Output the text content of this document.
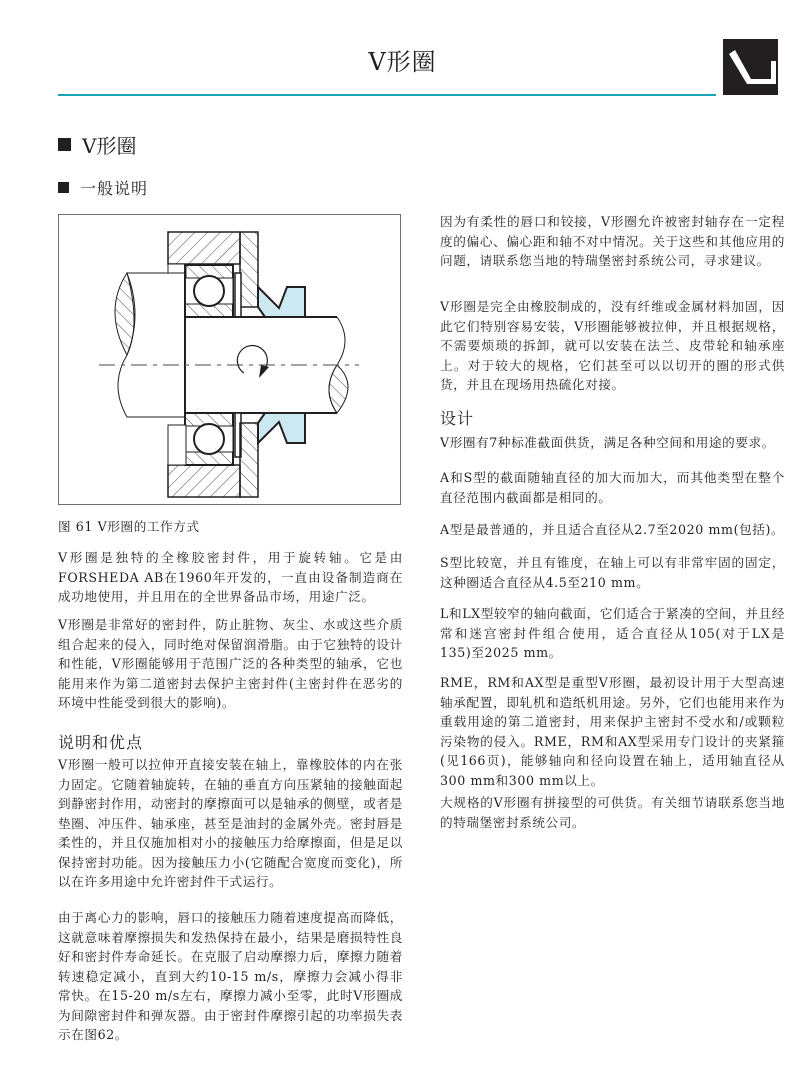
V形圈
V形圈
一般说明
图 61 V形圈的工作方式

V形圈是独特的全橡胶密封件，用于旋转轴。它是由FORSHEDA AB在1960年开发的，一直由设备制造商在成功地使用，并且用在的全世界备品市场，用途广泛。

V形圈是非常好的密封件，防止脏物、灰尘、水或这些介质组合起来的侵入，同时绝对保留润滑脂。由于它独特的设计和性能，V形圈能够用于范围广泛的各种类型的轴承，它也能用来作为第二道密封去保护主密封件(主密封件在恶劣的环境中性能受到很大的影响)。

说明和优点

V形圈一般可以拉伸开直接安装在轴上，靠橡胶体的内在张力固定。它随着轴旋转，在轴的垂直方向压紧轴的接触面起到静密封作用，动密封的摩擦面可以是轴承的侧壁，或者是垫圈、冲压件、轴承座，甚至是油封的金属外壳。密封唇是柔性的，并且仅施加相对小的接触压力给摩擦面，但是足以保持密封功能。因为接触压力小(它随配合宽度而变化)，所以在许多用途中允许密封件干式运行。

由于离心力的影响，唇口的接触压力随着速度提高而降低，这就意味着摩擦损失和发热保持在最小，结果是磨损特性良好和密封件寿命延长。在克服了启动摩擦力后，摩擦力随着转速稳定减小，直到大约10-15 m/s，摩擦力会减小得非常快。在15-20 m/s左右，摩擦力减小至零，此时V形圈成为间隙密封件和弹灰器。由于密封件摩擦引起的功率损失表示在图62。

因为有柔性的唇口和铰接，V形圈允许被密封轴存在一定程度的偏心、偏心距和轴不对中情况。关于这些和其他应用的问题，请联系您当地的特瑞堡密封系统公司，寻求建议。

V形圈是完全由橡胶制成的，没有纤维或金属材料加固，因此它们特别容易安装，V形圈能够被拉伸，并且根据规格，不需要烦琐的拆卸，就可以安装在法兰、皮带轮和轴承座上。对于较大的规格，它们甚至可以以切开的圈的形式供货，并且在现场用热硫化对接。

设计

V形圈有7种标准截面供货，满足各种空间和用途的要求。

A和S型的截面随轴直径的加大而加大，而其他类型在整个直径范围内截面都是相同的。

A型是最普通的，并且适合直径从2.7至2020 mm(包括)。

S型比较宽，并且有锥度，在轴上可以有非常牢固的固定，这种圈适合直径从4.5至210 mm。

L和LX型较窄的轴向截面，它们适合于紧凑的空间，并且经常和迷宫密封件组合使用，适合直径从105(对于LX是135)至2025 mm。

RME，RM和AX型是重型V形圈，最初设计用于大型高速轴承配置，即轧机和造纸机用途。另外，它们也能用来作为重载用途的第二道密封，用来保护主密封不受水和/或颗粒污染物的侵入。RME，RM和AX型采用专门设计的夹紧箍(见166页)，能够轴向和径向设置在轴上，适用轴直径从300 mm和300 mm以上。

大规格的V形圈有拼接型的可供货。有关细节请联系您当地的特瑞堡密封系统公司。
